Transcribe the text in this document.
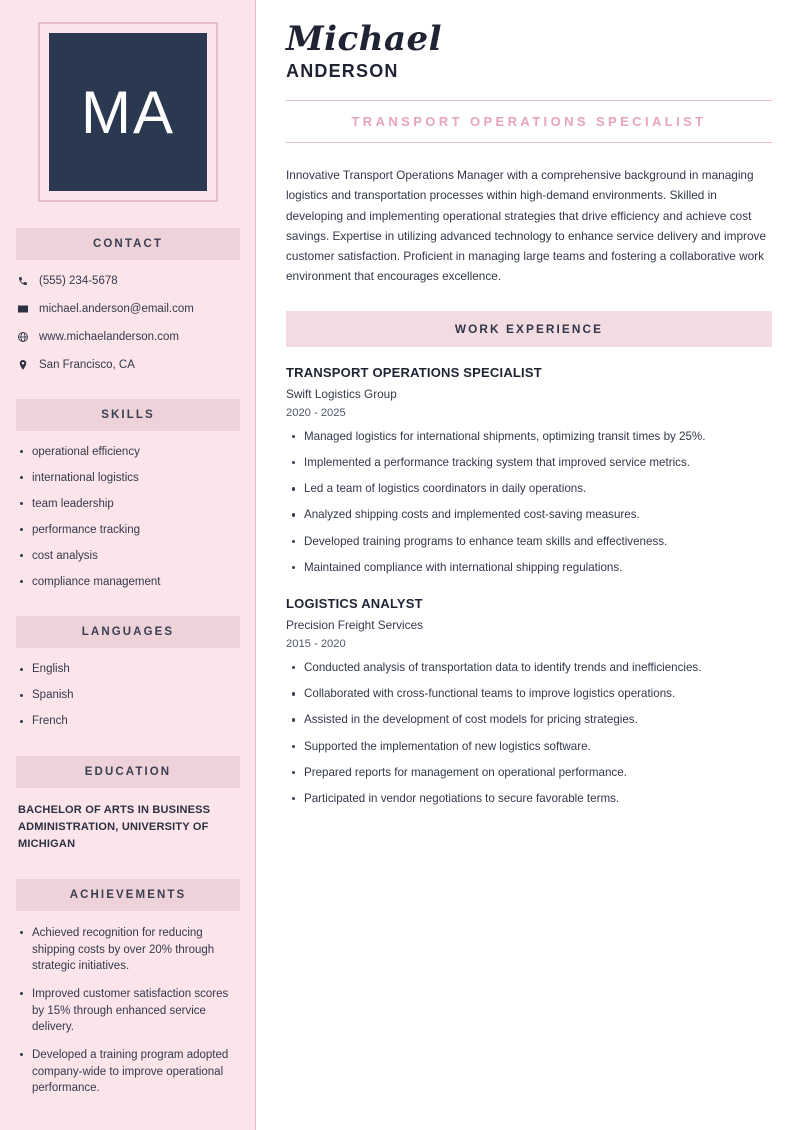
MA
CONTACT
(555) 234-5678
michael.anderson@email.com
www.michaelanderson.com
San Francisco, CA
SKILLS
operational efficiency
international logistics
team leadership
performance tracking
cost analysis
compliance management
LANGUAGES
English
Spanish
French
EDUCATION
BACHELOR OF ARTS IN BUSINESS ADMINISTRATION, UNIVERSITY OF MICHIGAN
ACHIEVEMENTS
Achieved recognition for reducing shipping costs by over 20% through strategic initiatives.
Improved customer satisfaction scores by 15% through enhanced service delivery.
Developed a training program adopted company-wide to improve operational performance.
Michael
ANDERSON
TRANSPORT OPERATIONS SPECIALIST

Innovative Transport Operations Manager with a comprehensive background in managing logistics and transportation processes within high-demand environments. Skilled in developing and implementing operational strategies that drive efficiency and achieve cost savings. Expertise in utilizing advanced technology to enhance service delivery and improve customer satisfaction. Proficient in managing large teams and fostering a collaborative work environment that encourages excellence.

WORK EXPERIENCE
TRANSPORT OPERATIONS SPECIALIST
Swift Logistics Group
2020 - 2025
Managed logistics for international shipments, optimizing transit times by 25%.
Implemented a performance tracking system that improved service metrics.
Led a team of logistics coordinators in daily operations.
Analyzed shipping costs and implemented cost-saving measures.
Developed training programs to enhance team skills and effectiveness.
Maintained compliance with international shipping regulations.
LOGISTICS ANALYST
Precision Freight Services
2015 - 2020
Conducted analysis of transportation data to identify trends and inefficiencies.
Collaborated with cross-functional teams to improve logistics operations.
Assisted in the development of cost models for pricing strategies.
Supported the implementation of new logistics software.
Prepared reports for management on operational performance.
Participated in vendor negotiations to secure favorable terms.
